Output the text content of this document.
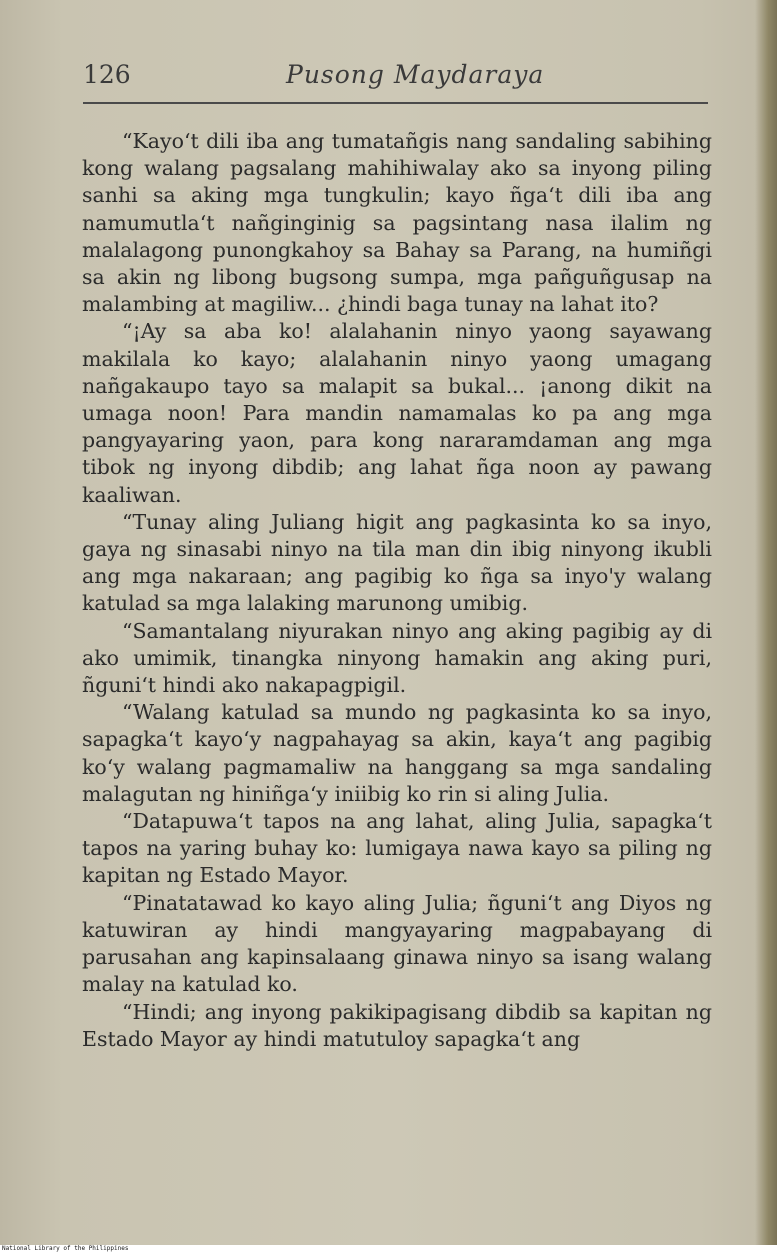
126	Pusong Maydaraya

“Kayo‘t dili iba ang tumatañgis nang sandaling sabihing kong walang pagsalang mahihiwalay ako sa inyong piling sanhi sa aking mga tungkulin; kayo ñga‘t dili iba ang namumutla‘t nañginginig sa pagsintang nasa ilalim ng malalagong punongkahoy sa Bahay sa Parang, na humiñgi sa akin ng libong bugsong sumpa, mga pañguñgusap na malambing at magiliw... ¿hindi baga tunay na lahat ito?

“¡Ay sa aba ko! alalahanin ninyo yaong sayawang makilala ko kayo; alalahanin ninyo yaong umagang nañgakaupo tayo sa malapit sa bukal... ¡anong dikit na umaga noon! Para mandin namamalas ko pa ang mga pangyayaring yaon, para kong nararamdaman ang mga tibok ng inyong dibdib; ang lahat ñga noon ay pawang kaaliwan.

“Tunay aling Juliang higit ang pagkasinta ko sa inyo, gaya ng sinasabi ninyo na tila man din ibig ninyong ikubli ang mga nakaraan; ang pagibig ko ñga sa inyo'y walang katulad sa mga lalaking marunong umibig.

“Samantalang niyurakan ninyo ang aking pagibig ay di ako umimik, tinangka ninyong hamakin ang aking puri, ñguni‘t hindi ako nakapagpigil.

“Walang katulad sa mundo ng pagkasinta ko sa inyo, sapagka‘t kayo‘y nagpahayag sa akin, kaya‘t ang pagibig ko‘y walang pagmamaliw na hanggang sa mga sandaling malagutan ng hiniñga‘y iniibig ko rin si aling Julia.

“Datapuwa‘t tapos na ang lahat, aling Julia, sapagka‘t tapos na yaring buhay ko: lumigaya nawa kayo sa piling ng kapitan ng Estado Mayor.

“Pinatatawad ko kayo aling Julia; ñguni‘t ang Diyos ng katuwiran ay hindi mangyayaring magpabayang di parusahan ang kapinsalaang ginawa ninyo sa isang walang malay na katulad ko.

“Hindi; ang inyong pakikipagisang dibdib sa kapitan ng Estado Mayor ay hindi matutuloy sapagka‘t ang

National Library of the Philippines
